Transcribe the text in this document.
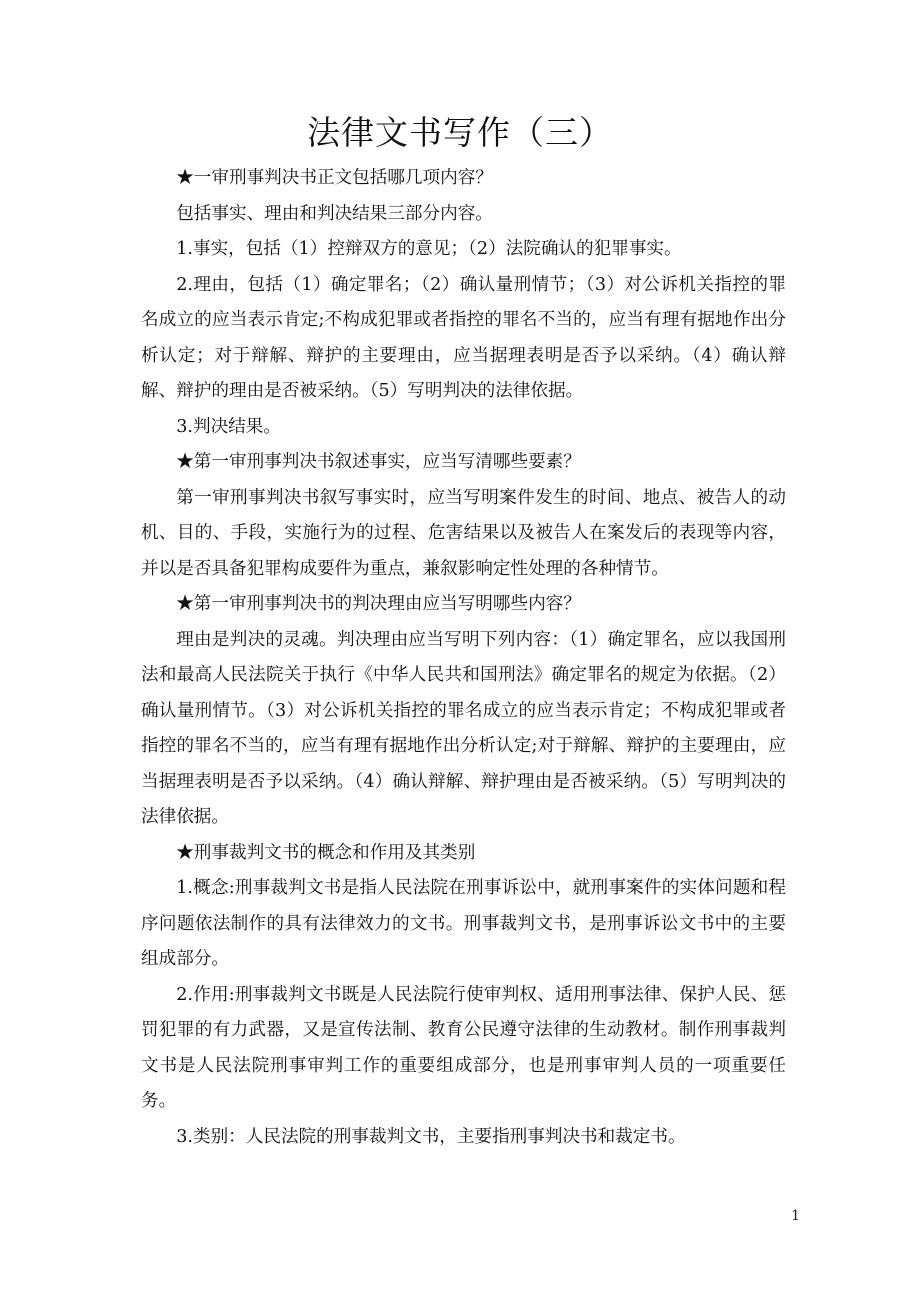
法律文书写作（三）

★一审刑事判决书正文包括哪几项内容？

包括事实、理由和判决结果三部分内容。

1.事实，包括（1）控辩双方的意见；（2）法院确认的犯罪事实。

2.理由，包括（1）确定罪名；（2）确认量刑情节；（3）对公诉机关指控的罪名成立的应当表示肯定;不构成犯罪或者指控的罪名不当的，应当有理有据地作出分析认定；对于辩解、辩护的主要理由，应当据理表明是否予以采纳。（4）确认辩解、辩护的理由是否被采纳。（5）写明判决的法律依据。

3.判决结果。

★第一审刑事判决书叙述事实，应当写清哪些要素？

第一审刑事判决书叙写事实时，应当写明案件发生的时间、地点、被告人的动机、目的、手段，实施行为的过程、危害结果以及被告人在案发后的表现等内容，并以是否具备犯罪构成要件为重点，兼叙影响定性处理的各种情节。

★第一审刑事判决书的判决理由应当写明哪些内容？

理由是判决的灵魂。判决理由应当写明下列内容：（1）确定罪名，应以我国刑法和最高人民法院关于执行《中华人民共和国刑法》确定罪名的规定为依据。（2）确认量刑情节。（3）对公诉机关指控的罪名成立的应当表示肯定；不构成犯罪或者指控的罪名不当的，应当有理有据地作出分析认定;对于辩解、辩护的主要理由，应当据理表明是否予以采纳。（4）确认辩解、辩护理由是否被采纳。（5）写明判决的法律依据。

★刑事裁判文书的概念和作用及其类别

1.概念:刑事裁判文书是指人民法院在刑事诉讼中，就刑事案件的实体问题和程序问题依法制作的具有法律效力的文书。刑事裁判文书，是刑事诉讼文书中的主要组成部分。

2.作用:刑事裁判文书既是人民法院行使审判权、适用刑事法律、保护人民、惩罚犯罪的有力武器，又是宣传法制、教育公民遵守法律的生动教材。制作刑事裁判文书是人民法院刑事审判工作的重要组成部分，也是刑事审判人员的一项重要任务。

3.类别：人民法院的刑事裁判文书，主要指刑事判决书和裁定书。

1
